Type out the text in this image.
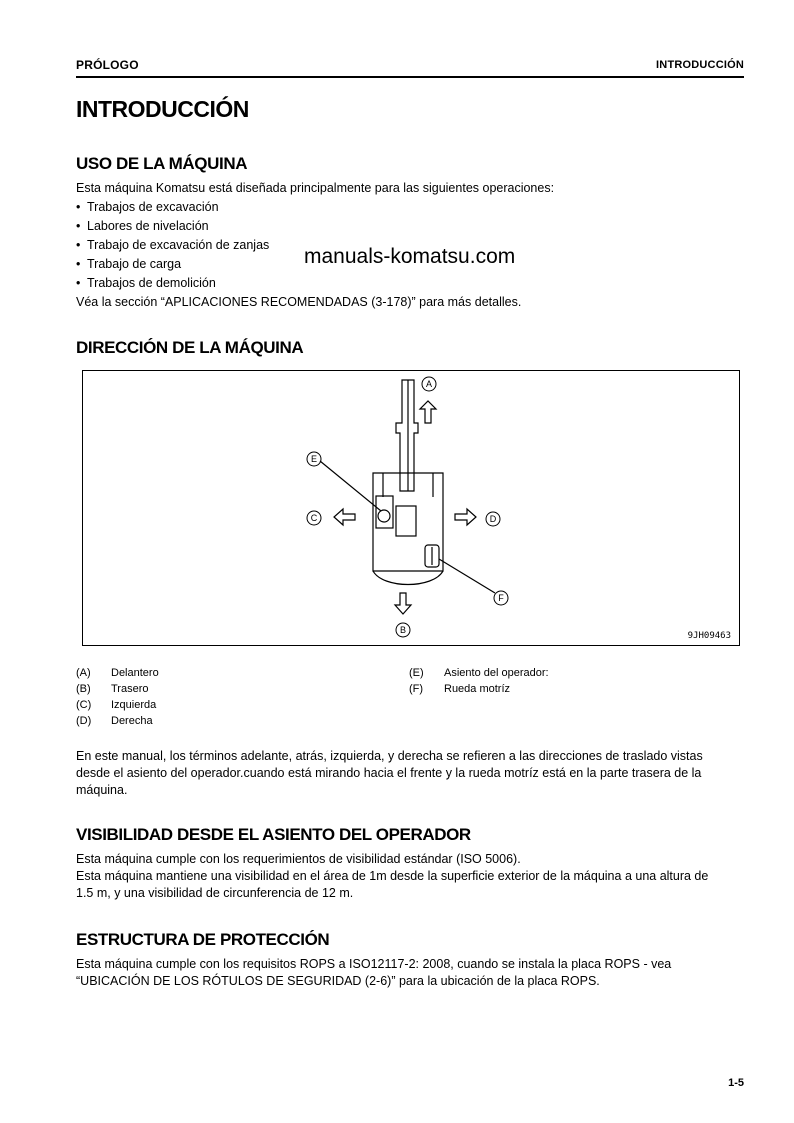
PRÓLOGO	INTRODUCCIÓN
INTRODUCCIÓN
USO DE LA MÁQUINA
Esta máquina Komatsu está diseñada principalmente para las siguientes operaciones:
• Trabajos de excavación
• Labores de nivelación
• Trabajo de excavación de zanjas
• Trabajo de carga
• Trabajos de demolición
Véa la sección “APLICACIONES RECOMENDADAS (3-178)” para más detalles.
manuals-komatsu.com
DIRECCIÓN DE LA MÁQUINA
A
B
C	D
E
F
9JH09463
(A) Delantero
(B) Trasero
(C) Izquierda
(D) Derecha
(E) Asiento del operador:
(F) Rueda motríz
En este manual, los términos adelante, atrás, izquierda, y derecha se refieren a las direcciones de traslado vistas
desde el asiento del operador.cuando está mirando hacia el frente y la rueda motríz está en la parte trasera de la
máquina.
VISIBILIDAD DESDE EL ASIENTO DEL OPERADOR
Esta máquina cumple con los requerimientos de visibilidad estándar (ISO 5006).
Esta máquina mantiene una visibilidad en el área de 1m desde la superficie exterior de la máquina a una altura de
1.5 m, y una visibilidad de circunferencia de 12 m.
ESTRUCTURA DE PROTECCIÓN
Esta máquina cumple con los requisitos ROPS a ISO12117-2: 2008, cuando se instala la placa ROPS - vea
“UBICACIÓN DE LOS RÓTULOS DE SEGURIDAD (2-6)” para la ubicación de la placa ROPS.
1-5
